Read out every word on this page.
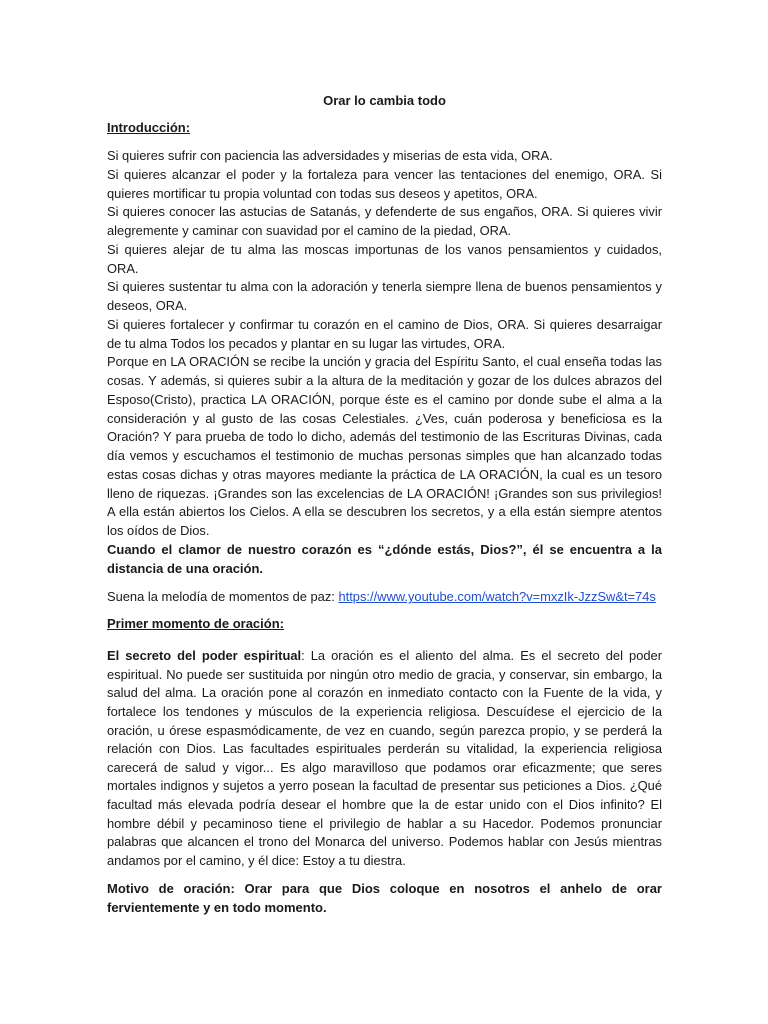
Orar lo cambia todo

Introducción:

Si quieres sufrir con paciencia las adversidades y miserias de esta vida, ORA.
Si quieres alcanzar el poder y la fortaleza para vencer las tentaciones del enemigo, ORA. Si quieres mortificar tu propia voluntad con todas sus deseos y apetitos, ORA.
Si quieres conocer las astucias de Satanás, y defenderte de sus engaños, ORA. Si quieres vivir alegremente y caminar con suavidad por el camino de la piedad, ORA.
Si quieres alejar de tu alma las moscas importunas de los vanos pensamientos y cuidados, ORA.
Si quieres sustentar tu alma con la adoración y tenerla siempre llena de buenos pensamientos y deseos, ORA.
Si quieres fortalecer y confirmar tu corazón en el camino de Dios, ORA. Si quieres desarraigar de tu alma Todos los pecados y plantar en su lugar las virtudes, ORA.
Porque en LA ORACIÓN se recibe la unción y gracia del Espíritu Santo, el cual enseña todas las cosas. Y además, si quieres subir a la altura de la meditación y gozar de los dulces abrazos del Esposo(Cristo), practica LA ORACIÓN, porque éste es el camino por donde sube el alma a la consideración y al gusto de las cosas Celestiales. ¿Ves, cuán poderosa y beneficiosa es la Oración? Y para prueba de todo lo dicho, además del testimonio de las Escrituras Divinas, cada día vemos y escuchamos el testimonio de muchas personas simples que han alcanzado todas estas cosas dichas y otras mayores mediante la práctica de LA ORACIÓN, la cual es un tesoro lleno de riquezas. ¡Grandes son las excelencias de LA ORACIÓN! ¡Grandes son sus privilegios! A ella están abiertos los Cielos. A ella se descubren los secretos, y a ella están siempre atentos los oídos de Dios.

Cuando el clamor de nuestro corazón es “¿dónde estás, Dios?”, él se encuentra a la distancia de una oración.

Suena la melodía de momentos de paz: https://www.youtube.com/watch?v=mxzIk-JzzSw&t=74s

Primer momento de oración:

El secreto del poder espiritual: La oración es el aliento del alma. Es el secreto del poder espiritual. No puede ser sustituida por ningún otro medio de gracia, y conservar, sin embargo, la salud del alma. La oración pone al corazón en inmediato contacto con la Fuente de la vida, y fortalece los tendones y músculos de la experiencia religiosa. Descuídese el ejercicio de la oración, u órese espasmódicamente, de vez en cuando, según parezca propio, y se perderá la relación con Dios. Las facultades espirituales perderán su vitalidad, la experiencia religiosa carecerá de salud y vigor... Es algo maravilloso que podamos orar eficazmente; que seres mortales indignos y sujetos a yerro posean la facultad de presentar sus peticiones a Dios. ¿Qué facultad más elevada podría desear el hombre que la de estar unido con el Dios infinito? El hombre débil y pecaminoso tiene el privilegio de hablar a su Hacedor. Podemos pronunciar palabras que alcancen el trono del Monarca del universo. Podemos hablar con Jesús mientras andamos por el camino, y él dice: Estoy a tu diestra.

Motivo de oración: Orar para que Dios coloque en nosotros el anhelo de orar fervientemente y en todo momento.
